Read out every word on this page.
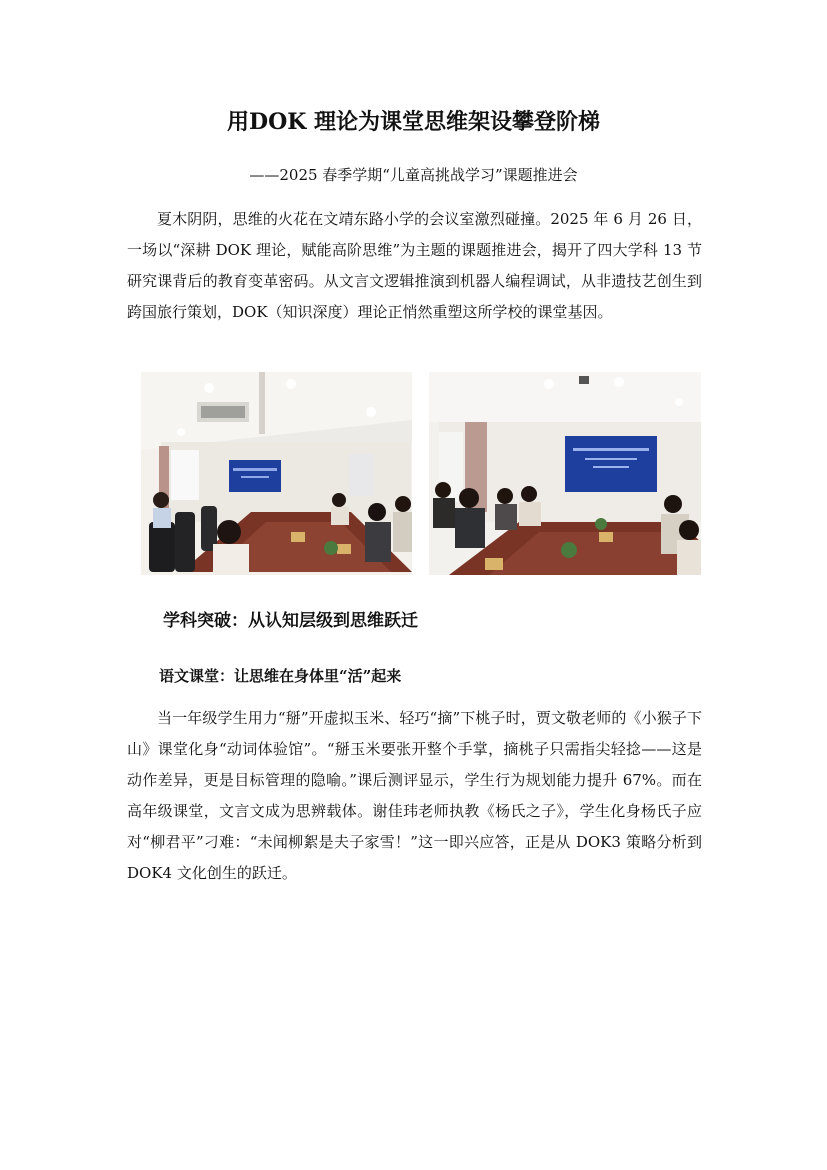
用DOK 理论为课堂思维架设攀登阶梯

——2025 春季学期“儿童高挑战学习”课题推进会

夏木阴阴，思维的火花在文靖东路小学的会议室激烈碰撞。2025 年 6 月 26 日，一场以“深耕 DOK 理论，赋能高阶思维”为主题的课题推进会，揭开了四大学科 13 节研究课背后的教育变革密码。从文言文逻辑推演到机器人编程调试，从非遗技艺创生到跨国旅行策划，DOK（知识深度）理论正悄然重塑这所学校的课堂基因。

学科突破：从认知层级到思维跃迁
语文课堂：让思维在身体里“活”起来

当一年级学生用力“掰”开虚拟玉米、轻巧“摘”下桃子时，贾文敬老师的《小猴子下山》课堂化身“动词体验馆”。“掰玉米要张开整个手掌，摘桃子只需指尖轻捻——这是动作差异，更是目标管理的隐喻。”课后测评显示，学生行为规划能力提升 67%。而在高年级课堂，文言文成为思辨载体。谢佳玮老师执教《杨氏之子》，学生化身杨氏子应对“柳君平”刁难：“未闻柳絮是夫子家雪！”这一即兴应答，正是从 DOK3 策略分析到 DOK4 文化创生的跃迁。
